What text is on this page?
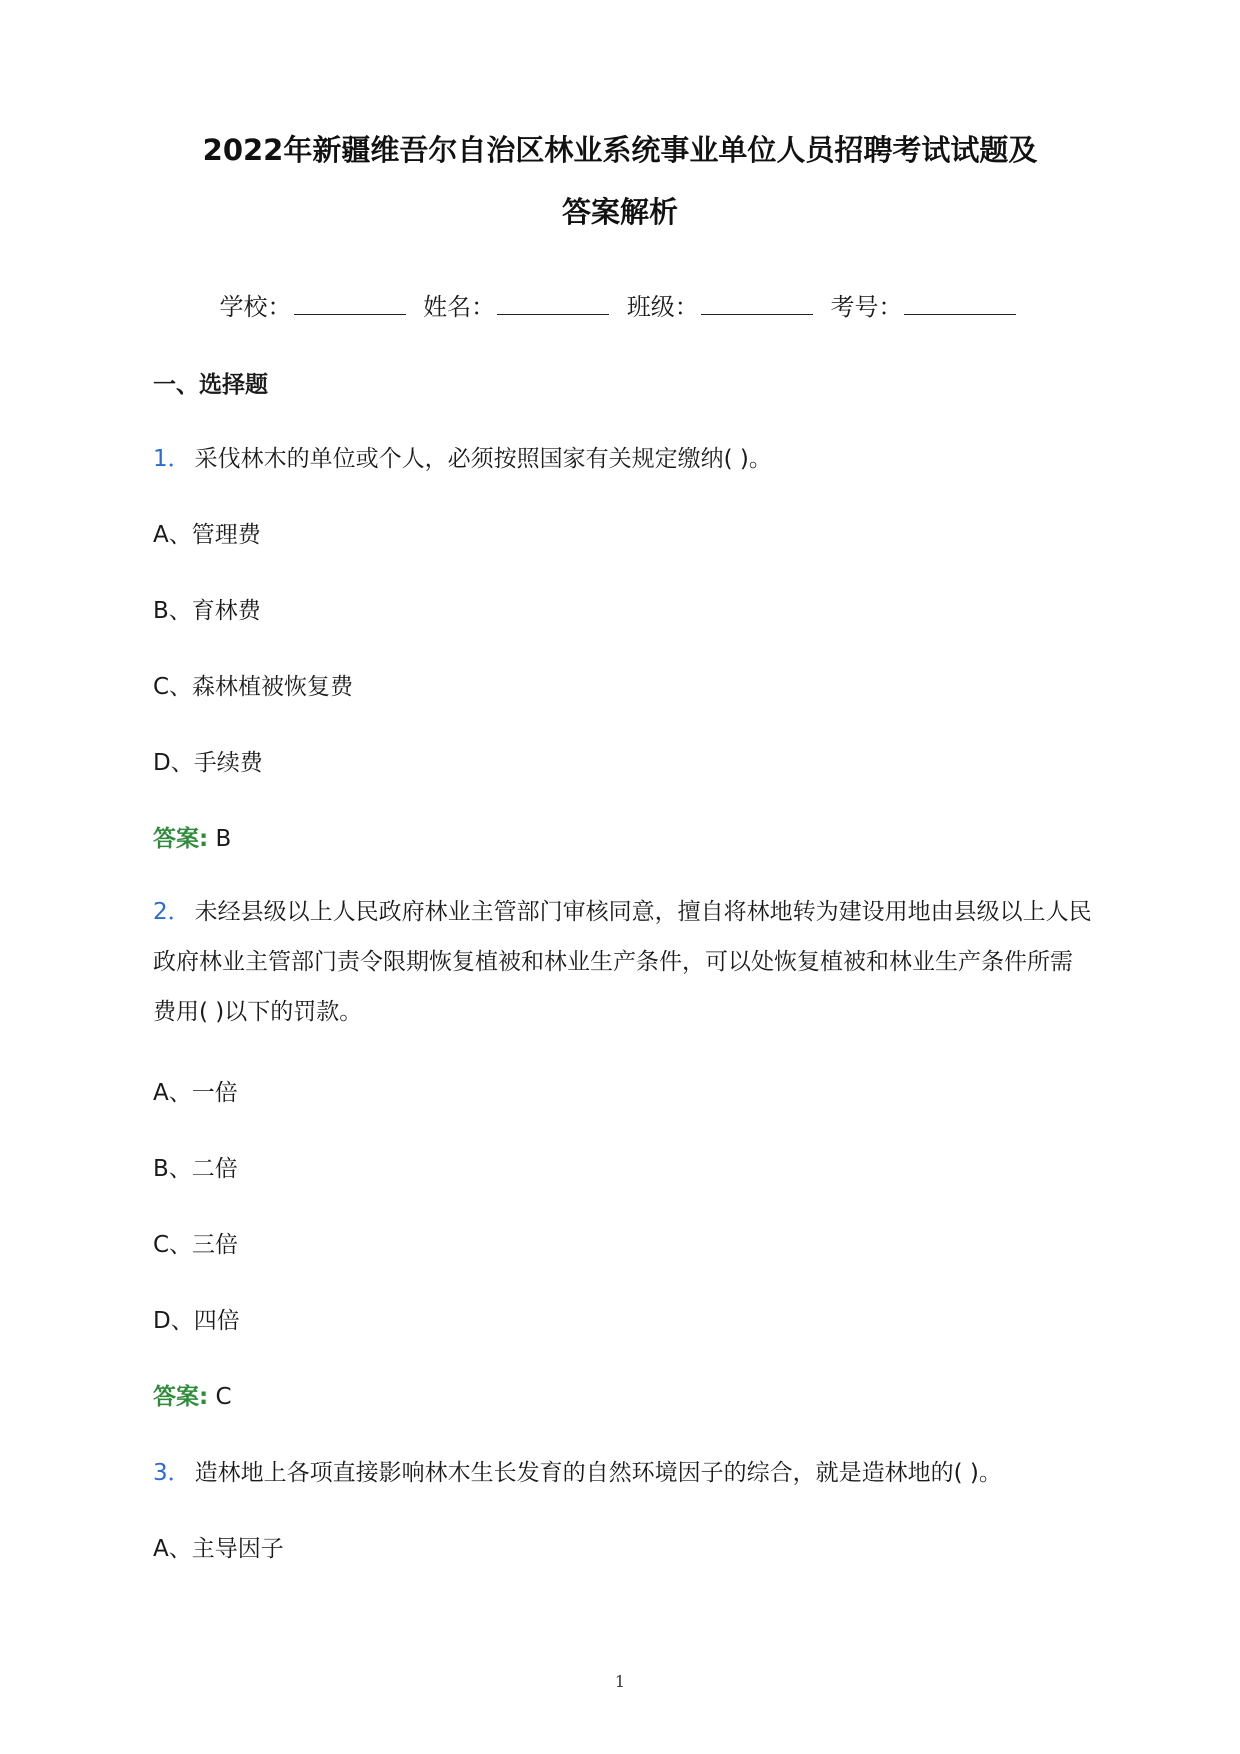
2022年新疆维吾尔自治区林业系统事业单位人员招聘考试试题及
答案解析
学校：	姓名：	班级：	考号：
一、选择题
1． 采伐林木的单位或个人，必须按照国家有关规定缴纳( )。
A、管理费
B、育林费
C、森林植被恢复费
D、手续费
答案: B
2． 未经县级以上人民政府林业主管部门审核同意，擅自将林地转为建设用地由县级以上人民政府林业主管部门责令限期恢复植被和林业生产条件，可以处恢复植被和林业生产条件所需费用( )以下的罚款。
A、一倍
B、二倍
C、三倍
D、四倍
答案: C
3． 造林地上各项直接影响林木生长发育的自然环境因子的综合，就是造林地的( )。
A、主导因子
1
